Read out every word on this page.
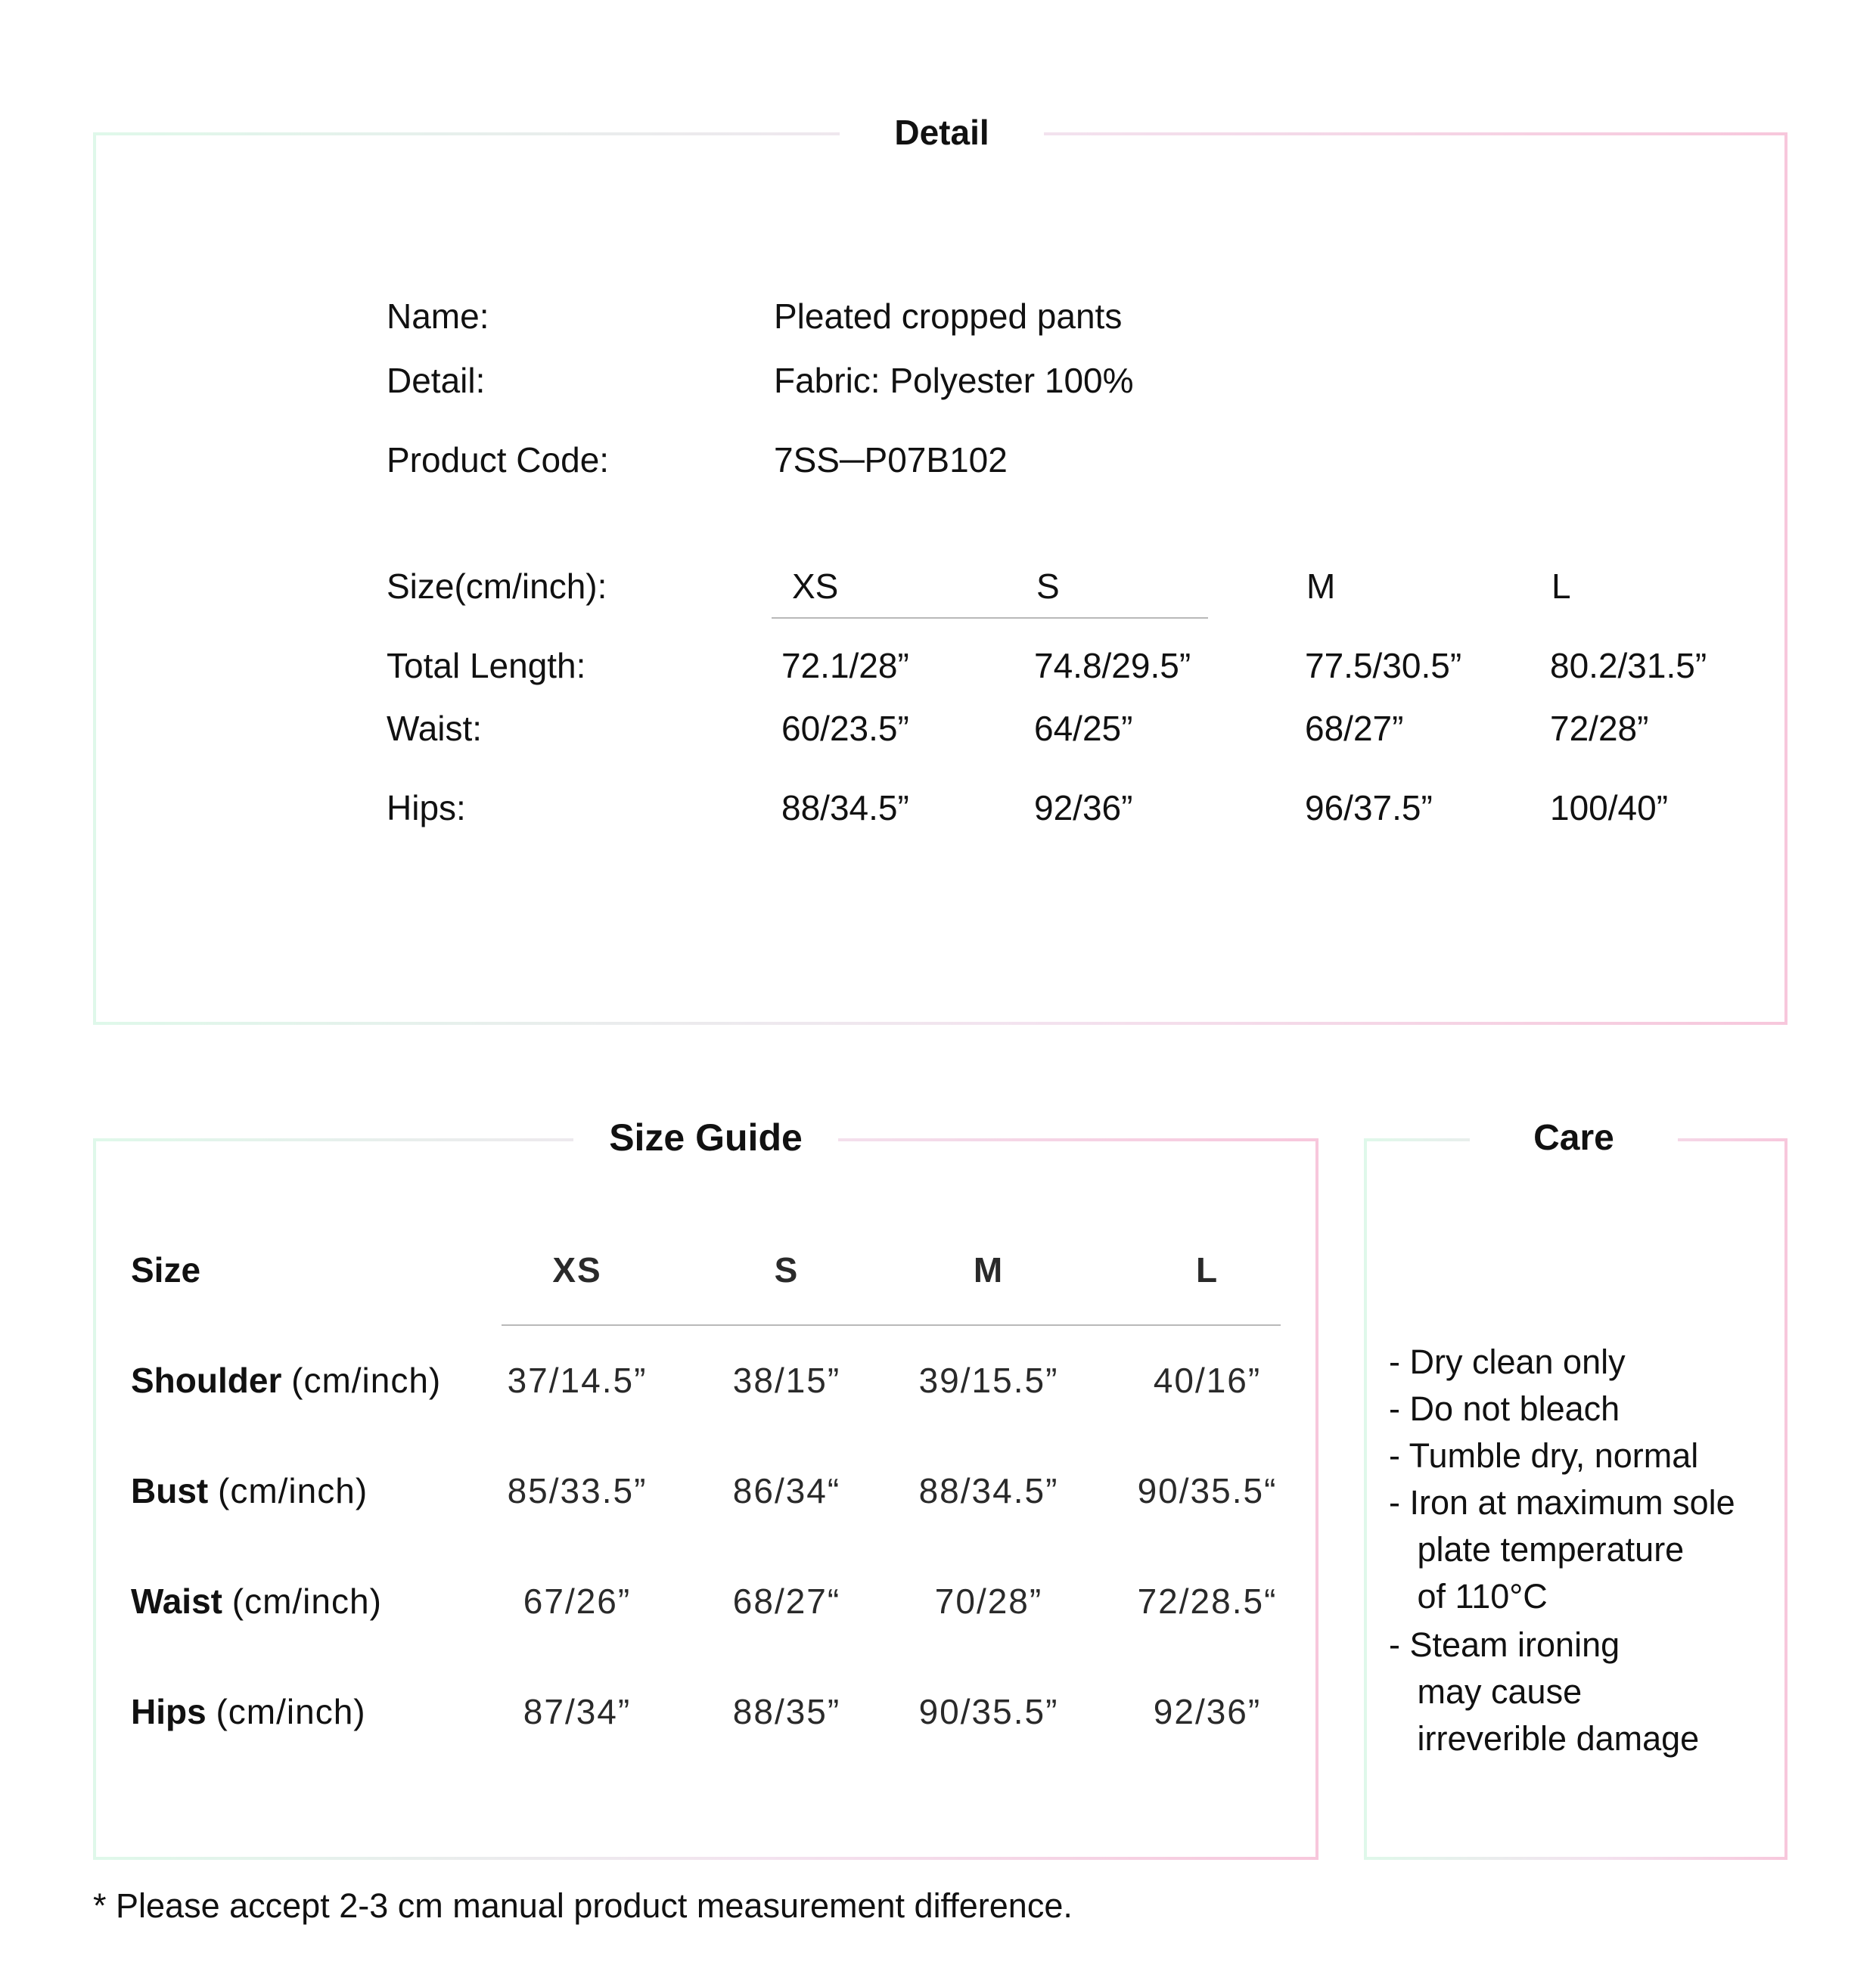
Detail
Name:	Pleated cropped pants
Detail:	Fabric: Polyester 100%
Product Code:	7SS─P07B102
Size(cm/inch):	XS	S	M	L
Total Length:	72.1/28”	74.8/29.5”	77.5/30.5”	80.2/31.5”
Waist:	60/23.5”	64/25”	68/27”	72/28”
Hips:	88/34.5”	92/36”	96/37.5”	100/40”
Size Guide
Size	XS	S	M	L
Shoulder (cm/inch)	37/14.5”	38/15”	39/15.5”	40/16”
Bust (cm/inch)	85/33.5”	86/34“	88/34.5”	90/35.5“
Waist (cm/inch)	67/26”	68/27“	70/28”	72/28.5“
Hips (cm/inch)	87/34”	88/35”	90/35.5”	92/36”
Care
- Dry clean only
- Do not bleach
- Tumble dry, normal
- Iron at maximum sole
plate temperature
of 110°C
- Steam ironing
may cause
irreverible damage
* Please accept 2-3 cm manual product measurement difference.
